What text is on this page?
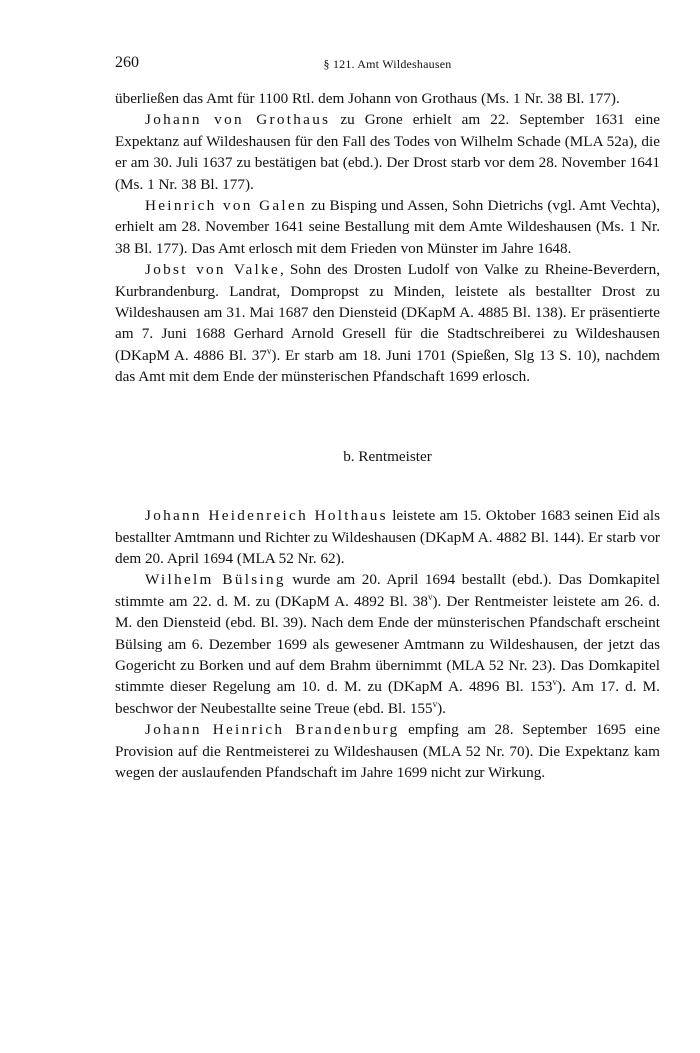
260	§ 121. Amt Wildeshausen

überließen das Amt für 1100 Rtl. dem Johann von Grothaus (Ms. 1 Nr. 38 Bl. 177).

Johann von Grothaus zu Grone erhielt am 22. September 1631 eine Expektanz auf Wildeshausen für den Fall des Todes von Wilhelm Schade (MLA 52a), die er am 30. Juli 1637 zu bestätigen bat (ebd.). Der Drost starb vor dem 28. November 1641 (Ms. 1 Nr. 38 Bl. 177).

Heinrich von Galen zu Bisping und Assen, Sohn Dietrichs (vgl. Amt Vechta), erhielt am 28. November 1641 seine Bestallung mit dem Amte Wildeshausen (Ms. 1 Nr. 38 Bl. 177). Das Amt erlosch mit dem Frieden von Münster im Jahre 1648.

Jobst von Valke, Sohn des Drosten Ludolf von Valke zu Rheine-Beverdern, Kurbrandenburg. Landrat, Dompropst zu Minden, leistete als bestallter Drost zu Wildeshausen am 31. Mai 1687 den Diensteid (DKapM A. 4885 Bl. 138). Er präsentierte am 7. Juni 1688 Gerhard Arnold Gresell für die Stadtschreiberei zu Wildeshausen (DKapM A. 4886 Bl. 37$^v$). Er starb am 18. Juni 1701 (Spießen, Slg 13 S. 10), nachdem das Amt mit dem Ende der münsterischen Pfandschaft 1699 erlosch.

b. Rentmeister

Johann Heidenreich Holthaus leistete am 15. Oktober 1683 seinen Eid als bestallter Amtmann und Richter zu Wildeshausen (DKapM A. 4882 Bl. 144). Er starb vor dem 20. April 1694 (MLA 52 Nr. 62).

Wilhelm Bülsing wurde am 20. April 1694 bestallt (ebd.). Das Domkapitel stimmte am 22. d. M. zu (DKapM A. 4892 Bl. 38$^v$). Der Rentmeister leistete am 26. d. M. den Diensteid (ebd. Bl. 39). Nach dem Ende der münsterischen Pfandschaft erscheint Bülsing am 6. Dezember 1699 als gewesener Amtmann zu Wildeshausen, der jetzt das Gogericht zu Borken und auf dem Brahm übernimmt (MLA 52 Nr. 23). Das Domkapitel stimmte dieser Regelung am 10. d. M. zu (DKapM A. 4896 Bl. 153$^v$). Am 17. d. M. beschwor der Neubestallte seine Treue (ebd. Bl. 155$^v$).

Johann Heinrich Brandenburg empfing am 28. September 1695 eine Provision auf die Rentmeisterei zu Wildeshausen (MLA 52 Nr. 70). Die Expektanz kam wegen der auslaufenden Pfandschaft im Jahre 1699 nicht zur Wirkung.
